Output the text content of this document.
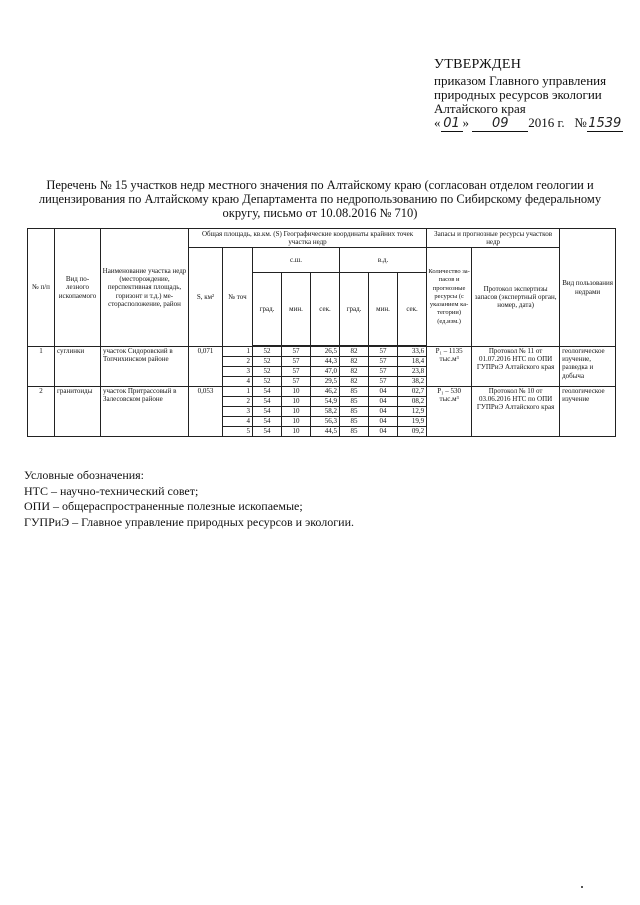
УТВЕРЖДЕН
приказом Главного управления
природных ресурсов экологии
Алтайского края
« 01 » 09 2016 г. №1539
Перечень № 15 участков недр местного значения по Алтайскому краю (согласован отделом геологии и лицензирования по Алтайскому краю Департамента по недропользованию по Сибирскому федеральному округу, письмо от 10.08.2016 № 710)
№ п/п	Вид полезного ископаемого	Наименование участка недр (месторождение, перспективная площадь, горизонт и т.д.) месторасположение, район	Общая площадь, кв.км. (S) Географические координаты крайних точек участка недр								Запасы и прогнозные ресурсы участков недр		Вид пользования недрами
			S, км²	№ точ	с.ш.			в.д.			Количество запасов и прогнозные ресурсы (с указанием категории) (ед.изм.)	Протокол экспертизы запасов (экспертный орган, номер, дата)	
					град.	мин.	сек.	град.	мин.	сек.			

1	суглинки	участок Сидоровский в Топчихинском районе	0,071	1	52	57	26,5	82	57	33,6	P₁ – 1135 тыс.м³	Протокол № 11 от 01.07.2016 НТС по ОПИ ГУПРиЭ Алтайского края	геологическое изучение, разведка и добыча
				2	52	57	44,3	82	57	18,4			
				3	52	57	47,0	82	57	23,8			
				4	52	57	29,5	82	57	38,2			
2	гранитоиды	участок Притрассовый в Залесовском районе	0,053	1	54	10	46,2	85	04	02,7	P₁ – 530 тыс.м³	Протокол № 10 от 03.06.2016 НТС по ОПИ ГУПРиЭ Алтайского края	геологическое изучение
				2	54	10	54,9	85	04	08,2			
				3	54	10	58,2	85	04	12,9			
				4	54	10	56,3	85	04	19,9			
				5	54	10	44,5	85	04	09,2			
Условные обозначения:
НТС – научно-технический совет;
ОПИ – общераспространенные полезные ископаемые;
ГУПРиЭ – Главное управление природных ресурсов и экологии.
